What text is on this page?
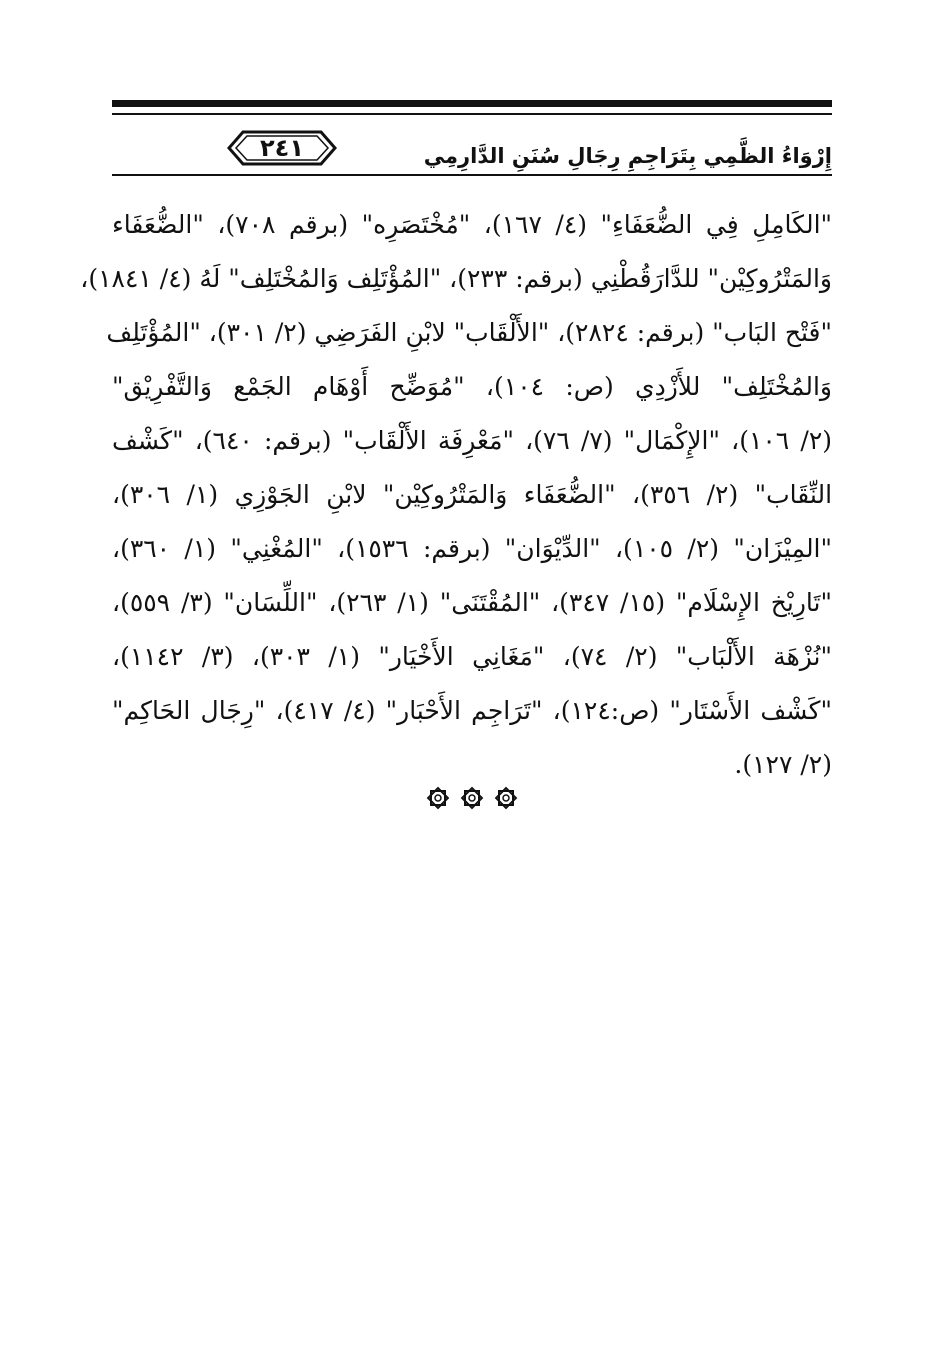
٢٤١	إِرْوَاءُ الظَّمِي بِتَرَاجِمِ رِجَالِ سُنَنِ الدَّارِمِي
"الكَامِلِ فِي الضُّعَفَاءِ" (٤/ ١٦٧)، "مُخْتَصَرِه" (برقم ٧٠٨)، "الضُّعَفَاء
وَالمَتْرُوكِيْن" للدَّارَقُطْنِي (برقم: ٢٣٣)، "المُؤْتَلِف وَالمُخْتَلِف" لَهُ (٤/ ١٨٤١)،
"فَتْح البَاب" (برقم: ٢٨٢٤)، "الأَلْقَاب" لابْنِ الفَرَضِي (٢/ ٣٠١)، "المُؤْتَلِف
وَالمُخْتَلِف" للأَزْدِي (ص: ١٠٤)، "مُوَضِّح أَوْهَام الجَمْع وَالتَّفْرِيْق"
(٢/ ١٠٦)، "الإِكْمَال" (٧/ ٧٦)، "مَعْرِفَة الأَلْقَاب" (برقم: ٦٤٠)، "كَشْف
النِّقَاب" (٢/ ٣٥٦)، "الضُّعَفَاء وَالمَتْرُوكِيْن" لابْنِ الجَوْزِي (١/ ٣٠٦)،
"المِيْزَان" (٢/ ١٠٥)، "الدِّيْوَان" (برقم: ١٥٣٦)، "المُغْنِي" (١/ ٣٦٠)،
"تَارِيْخ الإِسْلَام" (١٥/ ٣٤٧)، "المُقْتَنَى" (١/ ٢٦٣)، "اللِّسَان" (٣/ ٥٥٩)،
"نُزْهَة الأَلْبَاب" (٢/ ٧٤)، "مَغَانِي الأَخْيَار" (١/ ٣٠٣)، (٣/ ١١٤٢)،
"كَشْف الأَسْتَار" (ص:١٢٤)، "تَرَاجِم الأَحْبَار" (٤/ ٤١٧)، "رِجَال الحَاكِم"
(٢/ ١٢٧).
